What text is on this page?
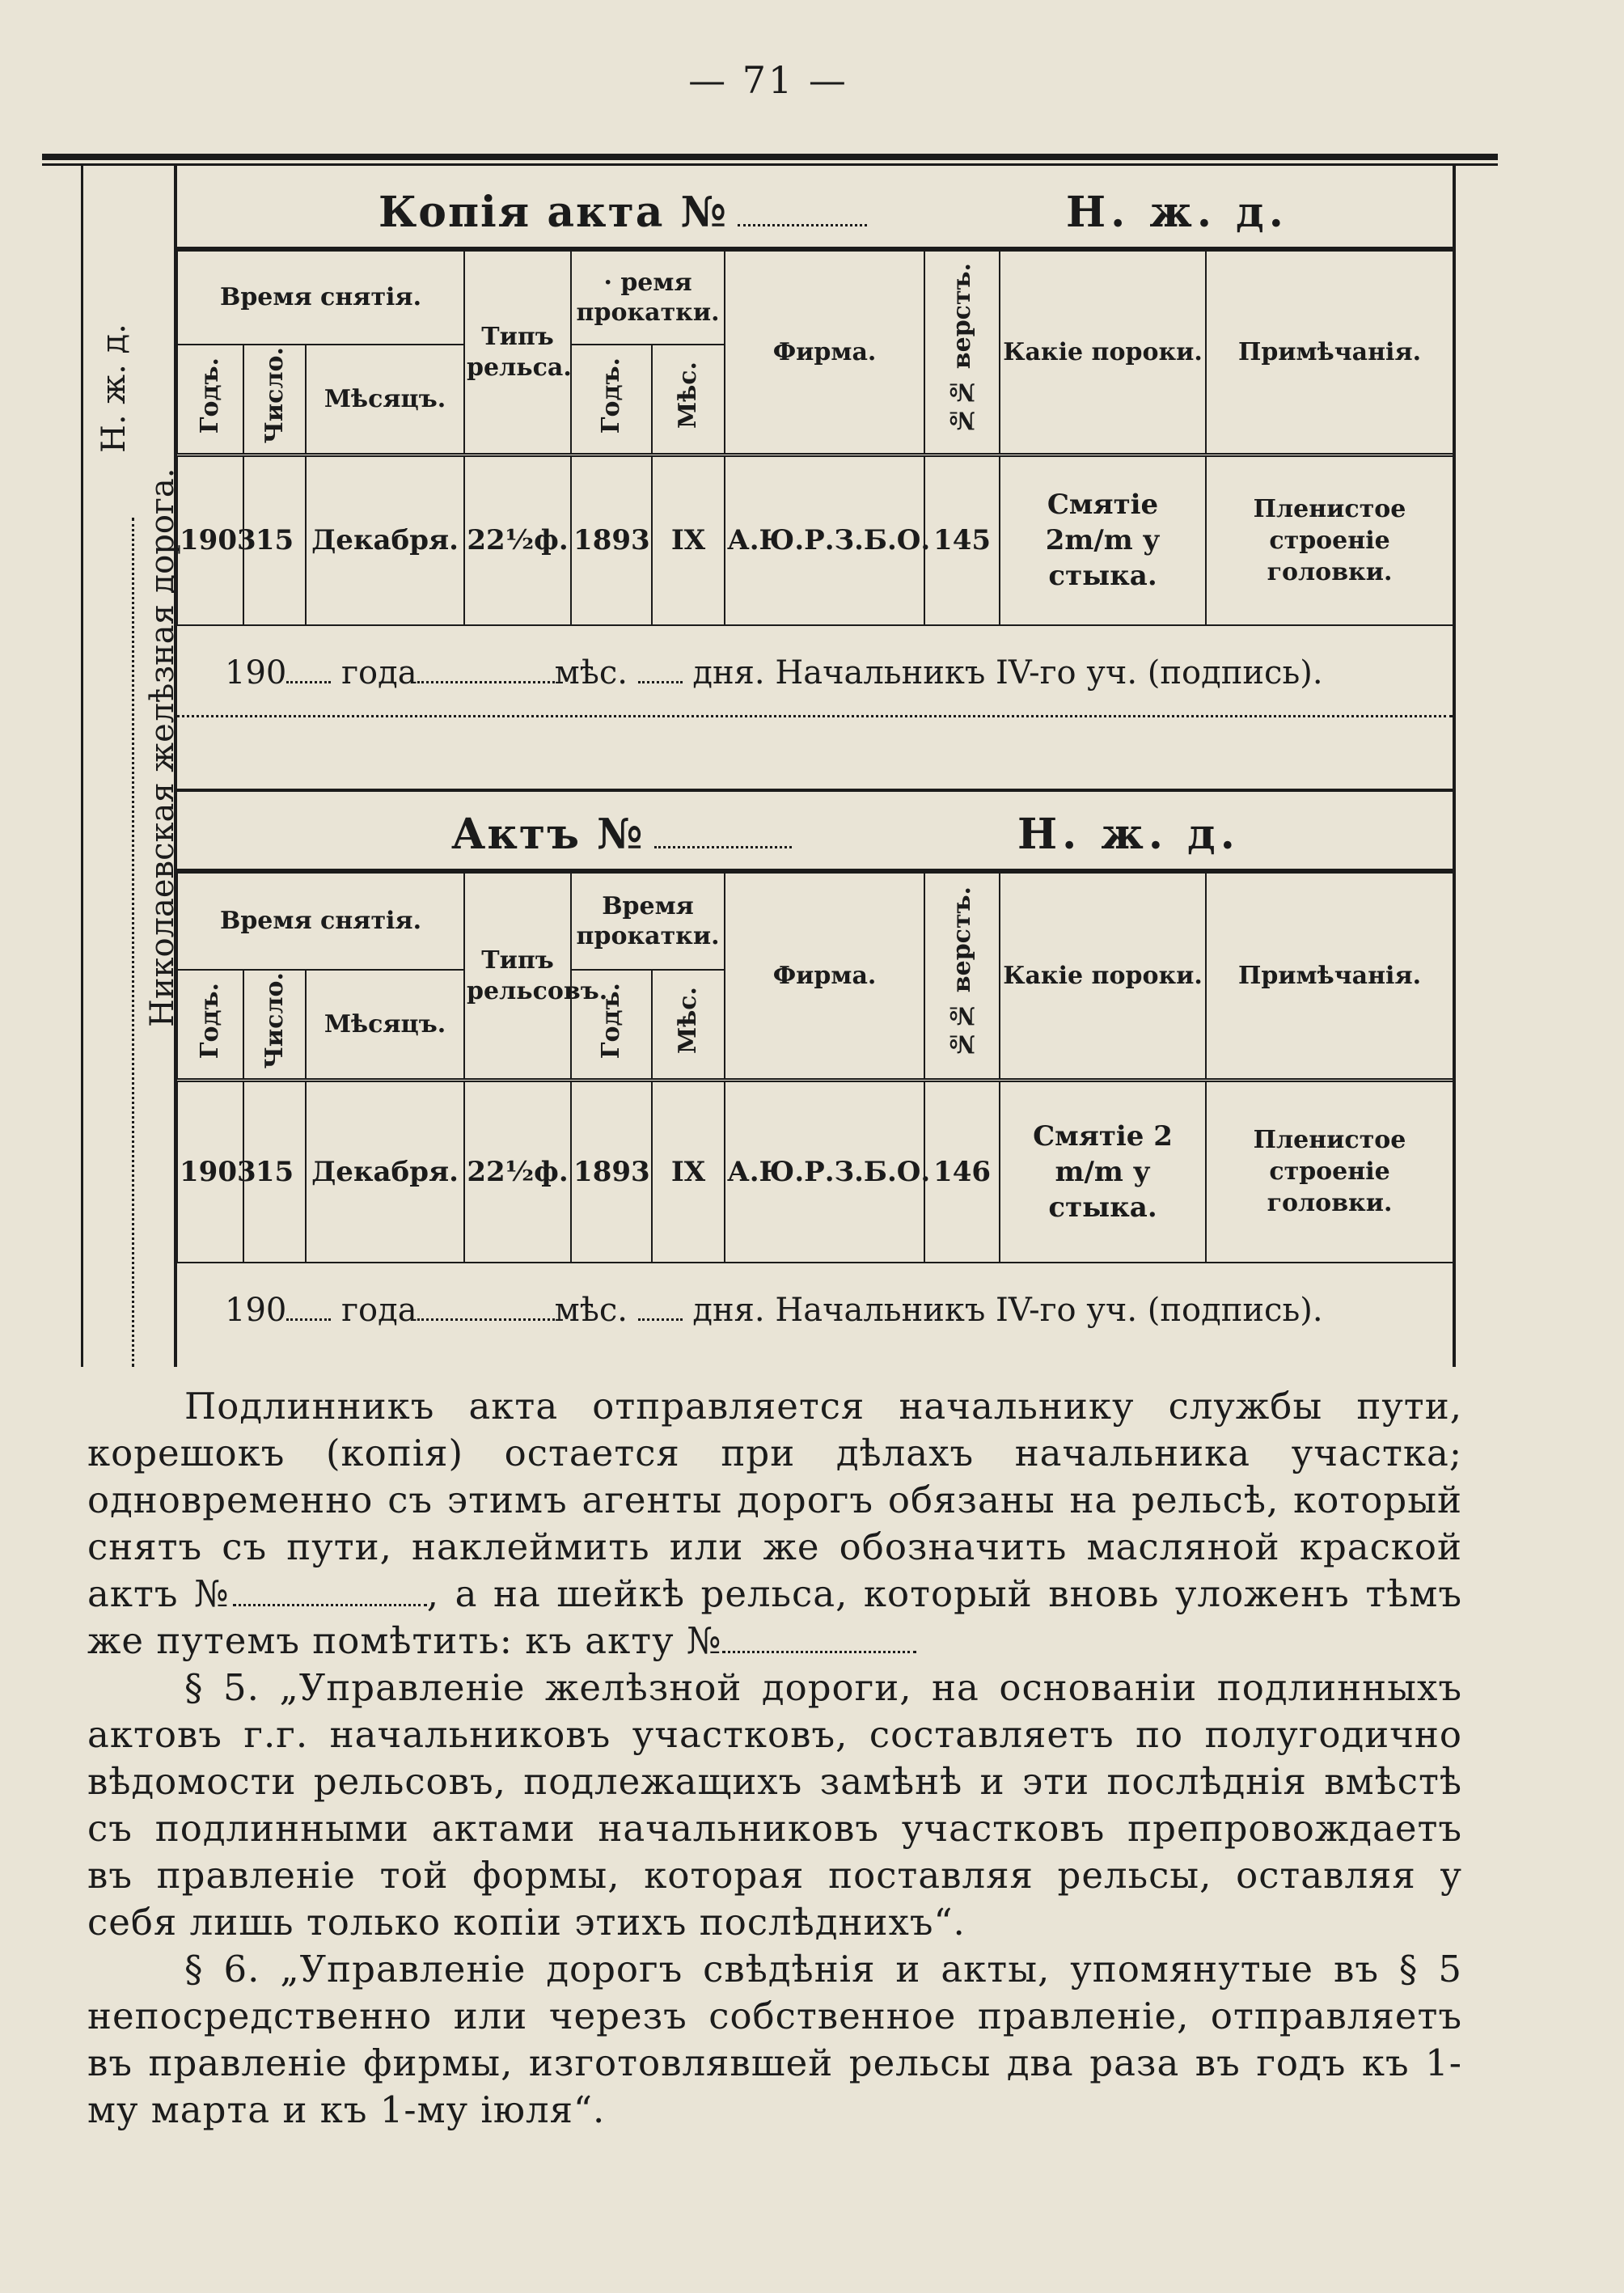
— 71 —
Н. ж. д.
Николаевская желѣзная дорога.
Копія акта №	Н. ж. д.
Время снятія.			Типъ рельса.	· ремя прокатки.		Фирма.	№№ верстъ.	Какіе пороки.	Примѣчанія.
Годъ.	Число.	Мѣсяцъ.		Годъ.	Мѣс.				
1903	15	Декабря.	22½ф.	1893	IX	А.Ю.Р.З.Б.О.	145	Смятіе 2m/m у стыка.	Пленистое строеніе головки.
190 года	мѣс. дня. Начальникъ IV-го уч. (подпись).
Актъ №	Н. ж. д.
Время снятія.			Типъ рельсовъ.	Время прокатки.		Фирма.	№№ верстъ.	Какіе пороки.	Примѣчанія.
Годъ.	Число.	Мѣсяцъ.		Годъ.	Мѣс.				
1903	15	Декабря.	22½ф.	1893	IX	А.Ю.Р.З.Б.О.	146	Смятіе 2 m/m у стыка.	Пленистое строеніе головки.
190 года	мѣс. дня. Начальникъ IV-го уч. (подпись).

Подлинникъ акта отправляется начальнику службы пути, корешокъ (копія) остается при дѣлахъ начальника участка; одновременно съ этимъ агенты дорогъ обязаны на рельсѣ, который снятъ съ пути, наклеймить или же обозначить масляной краской актъ №	, а на шейкѣ рельса, который вновь уложенъ тѣмъ же путемъ помѣтить: къ акту №

§ 5. „Управленіе желѣзной дороги, на основаніи подлинныхъ актовъ г.г. начальниковъ участковъ, составляетъ по полугодично вѣдомости рельсовъ, подлежащихъ замѣнѣ и эти послѣднія вмѣстѣ съ подлинными актами начальниковъ участковъ препровождаетъ въ правленіе той формы, которая поставляя рельсы, оставляя у себя лишь только копіи этихъ послѣднихъ“.

§ 6. „Управленіе дорогъ свѣдѣнія и акты, упомянутые въ § 5 непосредственно или черезъ собственное правленіе, отправляетъ въ правленіе фирмы, изготовлявшей рельсы два раза въ годъ къ 1-му марта и къ 1-му іюля“.
